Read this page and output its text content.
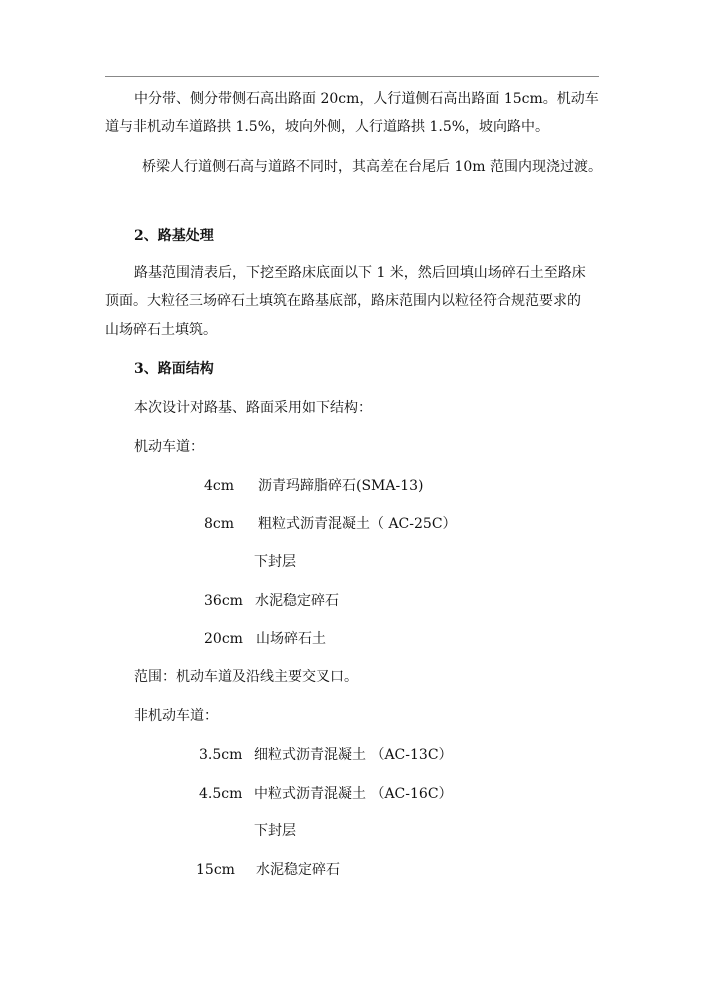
中分带、侧分带侧石高出路面 20cm，人行道侧石高出路面 15cm。机动车
道与非机动车道路拱 1.5%，坡向外侧，人行道路拱 1.5%，坡向路中。
桥梁人行道侧石高与道路不同时，其高差在台尾后 10m 范围内现浇过渡。
2、路基处理
路基范围清表后，下挖至路床底面以下 1 米，然后回填山场碎石土至路床
顶面。大粒径三场碎石土填筑在路基底部，路床范围内以粒径符合规范要求的
山场碎石土填筑。
3、路面结构
本次设计对路基、路面采用如下结构：
机动车道：
4cm 沥青玛蹄脂碎石(SMA-13)
8cm 粗粒式沥青混凝土（ AC-25C）
下封层
36cm 水泥稳定碎石
20cm 山场碎石土
范围：机动车道及沿线主要交叉口。
非机动车道：
3.5cm 细粒式沥青混凝土 （AC-13C）
4.5cm 中粒式沥青混凝土 （AC-16C）
下封层
15cm 水泥稳定碎石
